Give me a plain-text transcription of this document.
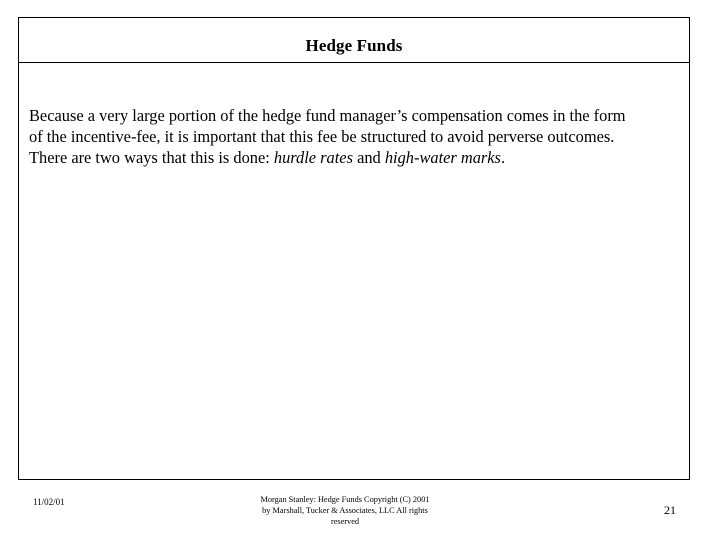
Hedge Funds

Because a very large portion of the hedge fund manager’s compensation comes in the form of the incentive-fee, it is important that this fee be structured to avoid perverse outcomes. There are two ways that this is done: hurdle rates and high-water marks.

11/02/01	Morgan Stanley: Hedge Funds Copyright (C) 2001
by Marshall, Tucker & Associates, LLC All rights
reserved
21
